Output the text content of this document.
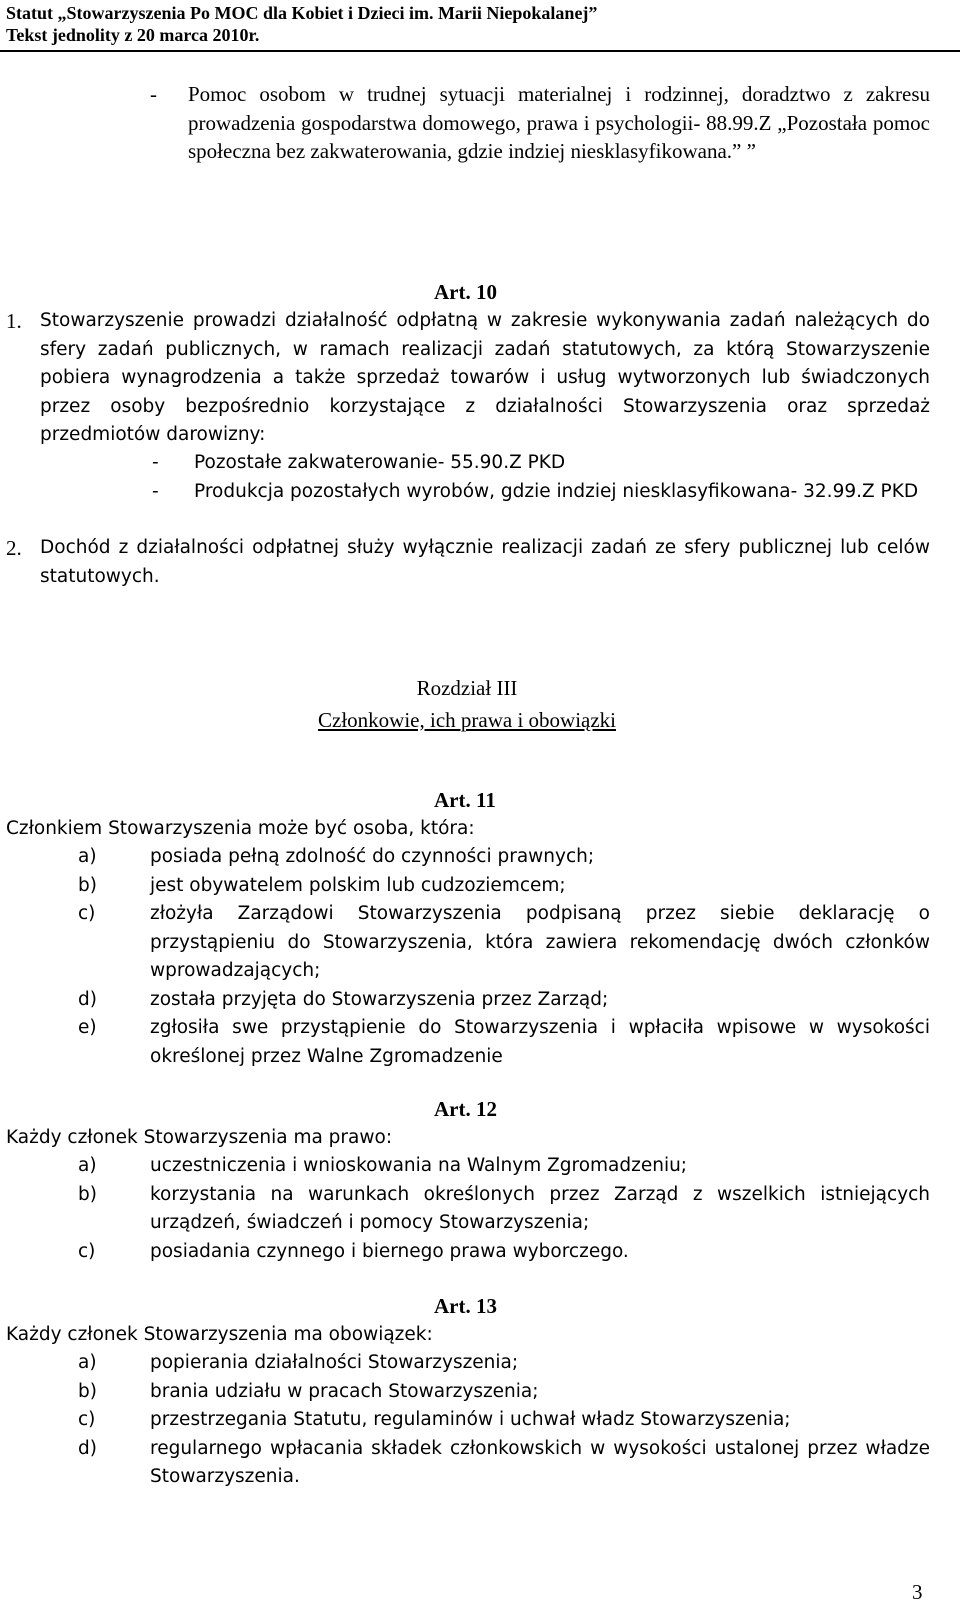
Statut „Stowarzyszenia Po MOC dla Kobiet i Dzieci im. Marii Niepokalanej”
Tekst jednolity z 20 marca 2010r.
- Pomoc osobom w trudnej sytuacji materialnej i rodzinnej, doradztwo z zakresu prowadzenia gospodarstwa domowego, prawa i psychologii- 88.99.Z „Pozostała pomoc społeczna bez zakwaterowania, gdzie indziej niesklasyfikowana.” ”
Art. 10
1. Stowarzyszenie prowadzi działalność odpłatną w zakresie wykonywania zadań należących do sfery zadań publicznych, w ramach realizacji zadań statutowych, za którą Stowarzyszenie pobiera wynagrodzenia a także sprzedaż towarów i usług wytworzonych lub świadczonych przez osoby bezpośrednio korzystające z działalności Stowarzyszenia oraz sprzedaż przedmiotów darowizny:
- Pozostałe zakwaterowanie- 55.90.Z PKD
- Produkcja pozostałych wyrobów, gdzie indziej niesklasyfikowana- 32.99.Z PKD
2. Dochód z działalności odpłatnej służy wyłącznie realizacji zadań ze sfery publicznej lub celów statutowych.
Rozdział III
Członkowie, ich prawa i obowiązki
Art. 11
Członkiem Stowarzyszenia może być osoba, która:
a)	posiada pełną zdolność do czynności prawnych;
b)	jest obywatelem polskim lub cudzoziemcem;
c)	złożyła Zarządowi Stowarzyszenia podpisaną przez siebie deklarację o przystąpieniu do Stowarzyszenia, która zawiera rekomendację dwóch członków wprowadzających;
d)	została przyjęta do Stowarzyszenia przez Zarząd;
e)	zgłosiła swe przystąpienie do Stowarzyszenia i wpłaciła wpisowe w wysokości określonej przez Walne Zgromadzenie
Art. 12
Każdy członek Stowarzyszenia ma prawo:
a)	uczestniczenia i wnioskowania na Walnym Zgromadzeniu;
b)	korzystania na warunkach określonych przez Zarząd z wszelkich istniejących urządzeń, świadczeń i pomocy Stowarzyszenia;
c)	posiadania czynnego i biernego prawa wyborczego.
Art. 13
Każdy członek Stowarzyszenia ma obowiązek:
a)	popierania działalności Stowarzyszenia;
b)	brania udziału w pracach Stowarzyszenia;
c)	przestrzegania Statutu, regulaminów i uchwał władz Stowarzyszenia;
d)	regularnego wpłacania składek członkowskich w wysokości ustalonej przez władze Stowarzyszenia.
3
